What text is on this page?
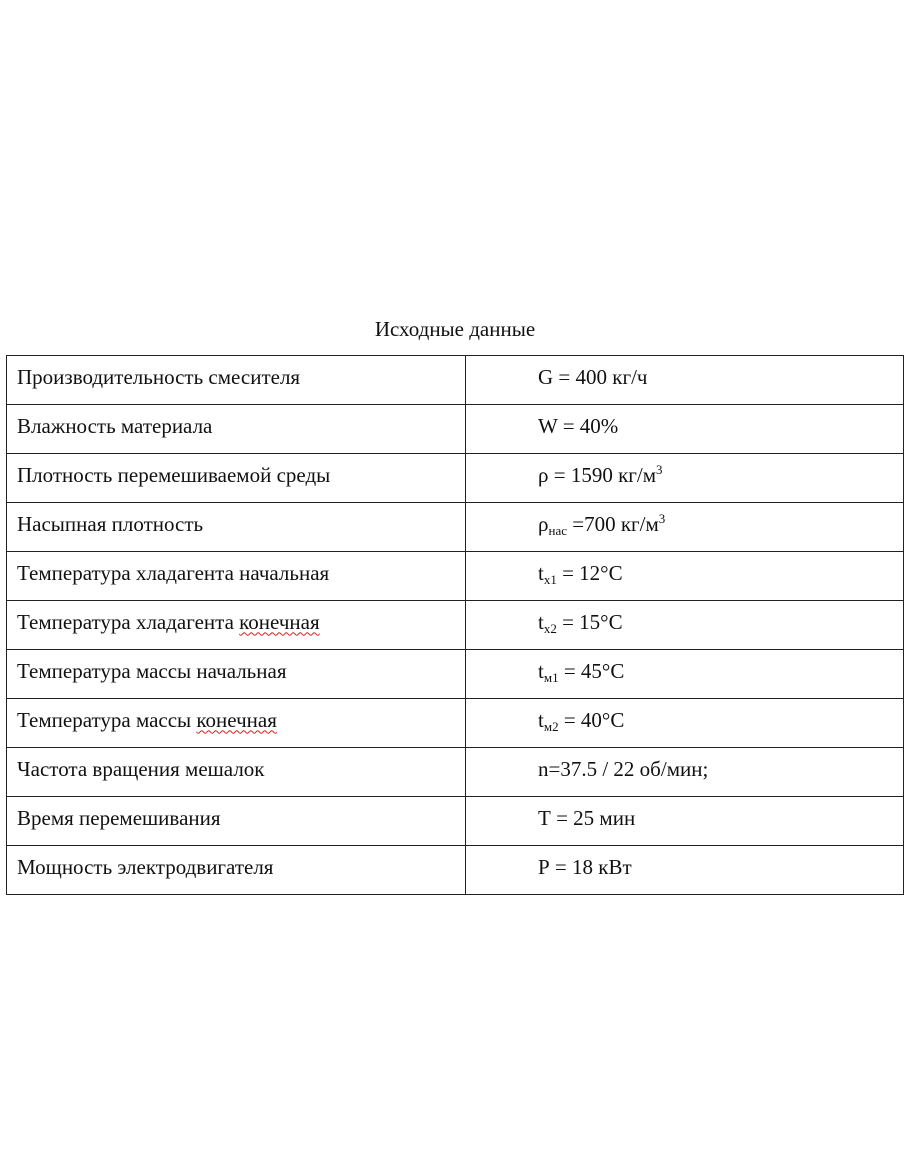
Исходные данные
Производительность смесителя	G = 400 кг/ч
Влажность материала	W = 40%
Плотность перемешиваемой среды	ρ = 1590 $кг/м^3$
Насыпная плотность	$\rho_{нас} =700$ $кг/м^3$
Температура хладагента начальная	$t_{х1} = 12^\circ С$
Температура хладагента конечная	$t_{х2} = 15^\circ С$
Температура массы начальная	$t_{м1} = 45^\circ С$
Температура массы конечная	$t_{м2} = 40^\circ С$
Частота вращения мешалок	n=37.5 / 22 об/мин;
Время перемешивания	Т = 25 мин
Мощность электродвигателя	Р = 18 кВт
